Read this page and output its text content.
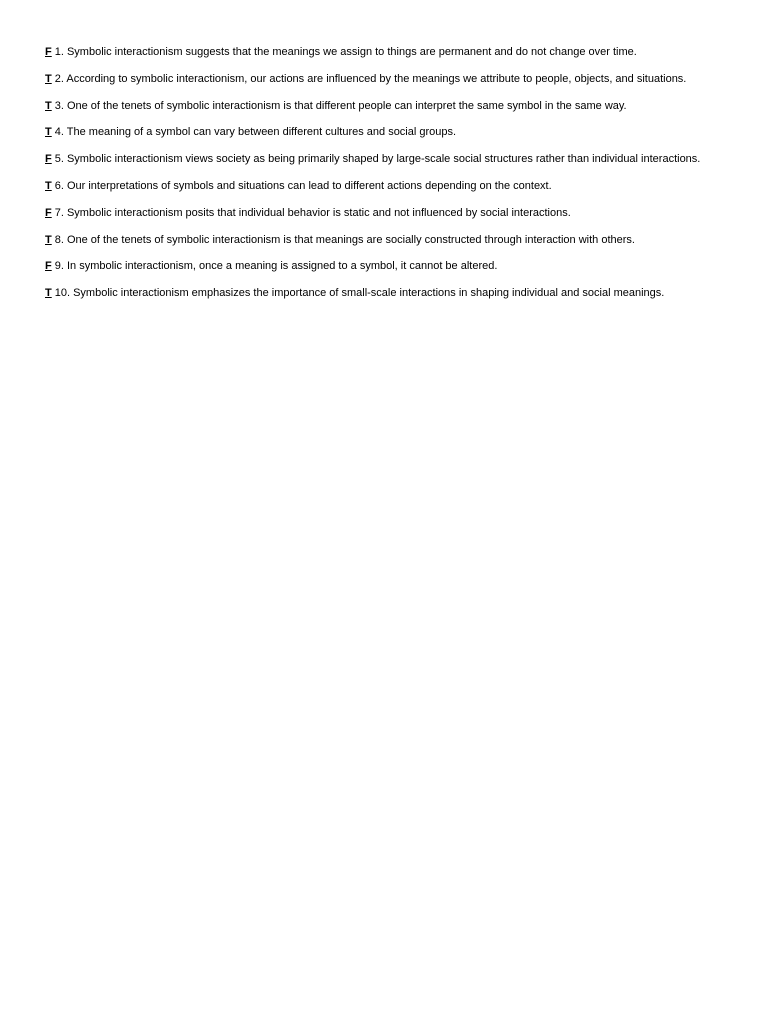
F 1. Symbolic interactionism suggests that the meanings we assign to things are permanent and do not change over time.
T 2. According to symbolic interactionism, our actions are influenced by the meanings we attribute to people, objects, and situations.
T 3. One of the tenets of symbolic interactionism is that different people can interpret the same symbol in the same way.
T 4. The meaning of a symbol can vary between different cultures and social groups.
F 5. Symbolic interactionism views society as being primarily shaped by large-scale social structures rather than individual interactions.
T 6. Our interpretations of symbols and situations can lead to different actions depending on the context.
F 7. Symbolic interactionism posits that individual behavior is static and not influenced by social interactions.
T 8. One of the tenets of symbolic interactionism is that meanings are socially constructed through interaction with others.
F 9. In symbolic interactionism, once a meaning is assigned to a symbol, it cannot be altered.
T 10. Symbolic interactionism emphasizes the importance of small-scale interactions in shaping individual and social meanings.
